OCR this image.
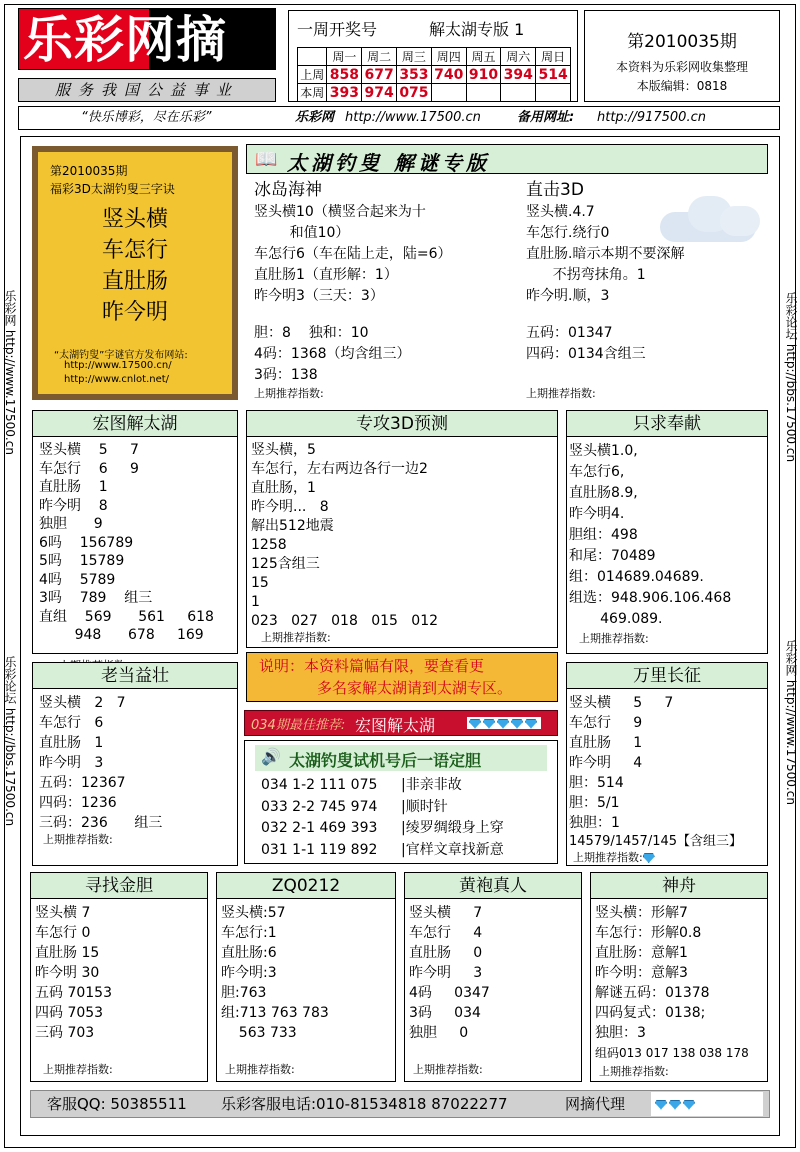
乐彩网摘
服务我国公益事业
一周开奖号	解太湖专版 1
	周一	周二	周三	周四	周五	周六	周日
上周	858	677	353	740	910	394	514
本周	393	974	075				
第2010035期
本资料为乐彩网收集整理
本版编辑：0818
“快乐博彩，尽在乐彩”	乐彩网 http://www.17500.cn	备用网址: http://917500.cn
乐彩网 http://www.17500.cn
乐彩论坛 http://bbs.17500.cn
乐彩论坛 http://bbs.17500.cn
乐彩网 http://www.17500.cn
第2010035期
福彩3D太湖钓叟三字诀
竖头横
车怎行
直肚肠
昨今明
“太湖钓叟”字谜官方发布网站:
http://www.17500.cn/
http://www.cnlot.net/
📖 太湖钓叟 解谜专版
冰岛海神
竖头横10（横竖合起来为十
和值10）
车怎行6（车在陆上走，陆=6）
直肚肠1（直形解：1）
昨今明3（三天：3）
胆：8    独和：10
4码：1368（均含组三）
3码：138
上期推荐指数:
直击3D
竖头横.4.7
车怎行.绕行0
直肚肠.暗示本期不要深解
不拐弯抹角。1
昨今明.顺，3
五码：01347
四码：0134含组三
上期推荐指数:
宏图解太湖
竖头横    5     7
车怎行    6     9
直肚肠    1
昨今明    8
独胆      9
6吗    156789
5吗    15789
4吗    5789
3吗    789    组三
直组    569      561     618
948      678     169

专攻3D预测
竖头横，5
车怎行，左右两边各行一边2
直肚肠，1
昨今明...   8
解出512地震
1258
125含组三
15
1
023   027   018   015   012
上期推荐指数:
只求奉献
竖头横1.0,
车怎行6,
直肚肠8.9,
昨今明4.
胆组：498
和尾：70489
组：014689.04689.
组选：948.906.106.468
469.089.
上期推荐指数:
老当益壮
竖头横   2   7
车怎行   6
直肚肠   1
昨今明   3
五码：12367
四码：1236
三码：236      组三
上期推荐指数:
说明：本资料篇幅有限，要查看更
多名家解太湖请到太湖专区。
034期最佳推荐: 宏图解太湖
🔊 太湖钓叟试机号后一语定胆
034 1-2 111 075 |非亲非故
033 2-2 745 974 |顺时针
032 2-1 469 393 |绫罗绸缎身上穿
031 1-1 119 892 |官样文章找新意
万里长征
竖头横     5     7
车怎行     9
直肚肠     1
昨今明     4
胆：514
胆：5/1
独胆：1
14579/1457/145【含组三】
上期推荐指数:
寻找金胆
竖头横 7
车怎行 0
直肚肠 15
昨今明 30
五码 70153
四码 7053
三码 703
上期推荐指数:
ZQ0212
竖头横:57
车怎行:1
直肚肠:6
昨今明:3
胆:763
组:713 763 783
563 733
上期推荐指数:
黄袍真人
竖头横     7
车怎行     4
直肚肠     0
昨今明     3
4码     0347
3码     034
独胆     0
上期推荐指数:
神舟
竖头横：形解7
车怎行：形解0.8
直肚肠：意解1
昨今明：意解3
解谜五码：01378
四码复式：0138;
独胆：3
组码013 017 138 038 178
上期推荐指数:
客服QQ: 50385511 乐彩客服电话:010-81534818 87022277	网摘代理
